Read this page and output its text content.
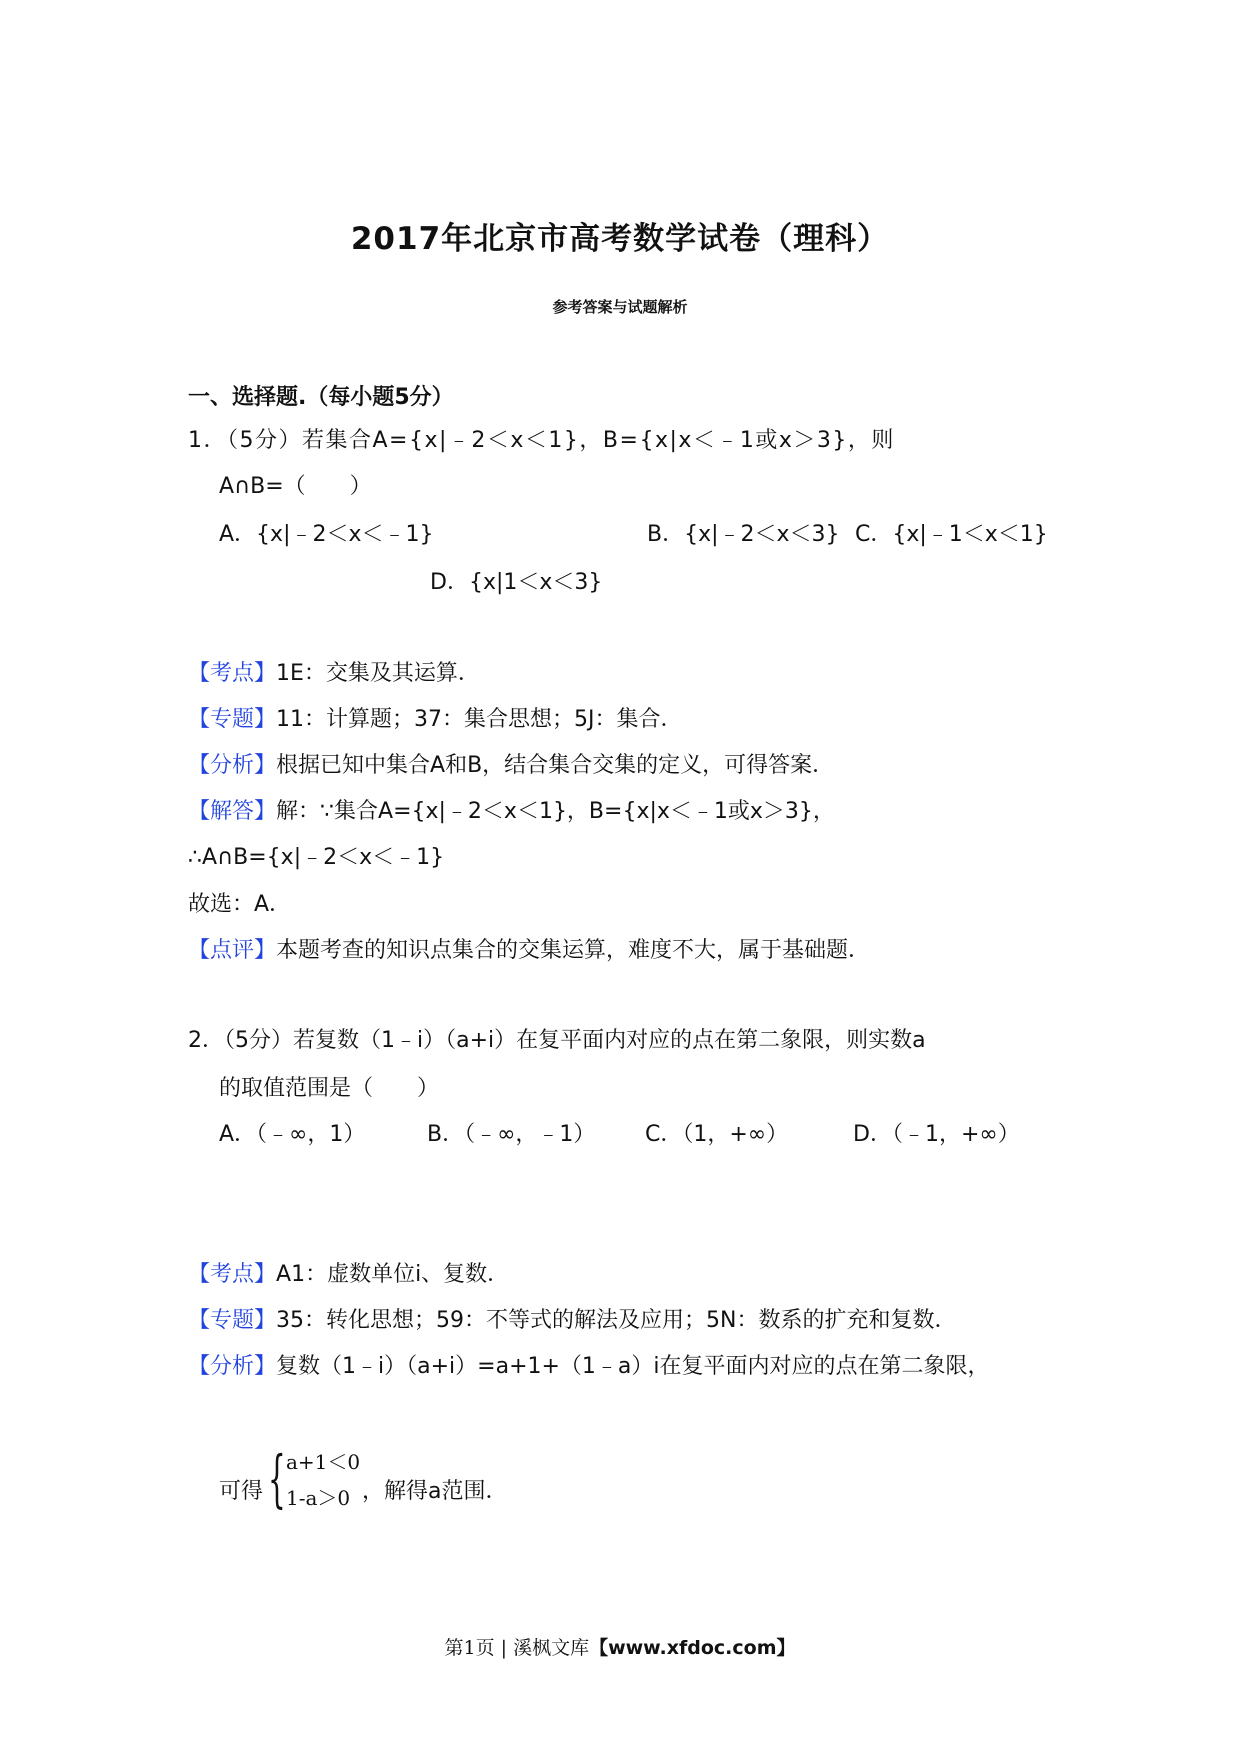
2017年北京市高考数学试卷（理科）
参考答案与试题解析
一、选择题.（每小题5分）
1．（5分）若集合A={x|﹣2＜x＜1}，B={x|x＜﹣1或x＞3}，则
A∩B=（　　）
A．{x|﹣2＜x＜﹣1}	B．{x|﹣2＜x＜3} C．{x|﹣1＜x＜1}
D．{x|1＜x＜3}
【考点】1E：交集及其运算．
【专题】11：计算题；37：集合思想；5J：集合．
【分析】根据已知中集合A和B，结合集合交集的定义，可得答案．
【解答】解：∵集合A={x|﹣2＜x＜1}，B={x|x＜﹣1或x＞3}，
∴A∩B={x|﹣2＜x＜﹣1}
故选：A．
【点评】本题考查的知识点集合的交集运算，难度不大，属于基础题．
2．（5分）若复数（1﹣i）（a+i）在复平面内对应的点在第二象限，则实数a
的取值范围是（　　）
A．（﹣∞，1）	B．（﹣∞，﹣1） C．（1，+∞）	D．（﹣1，+∞）
【考点】A1：虚数单位i、复数．
【专题】35：转化思想；59：不等式的解法及应用；5N：数系的扩充和复数．
【分析】复数（1﹣i）（a+i）=a+1+（1﹣a）i在复平面内对应的点在第二象限，
可得 { a+1＜0
1-a＞0 ，解得a范围．
第1页 | 溪枫文库【www.xfdoc.com】
